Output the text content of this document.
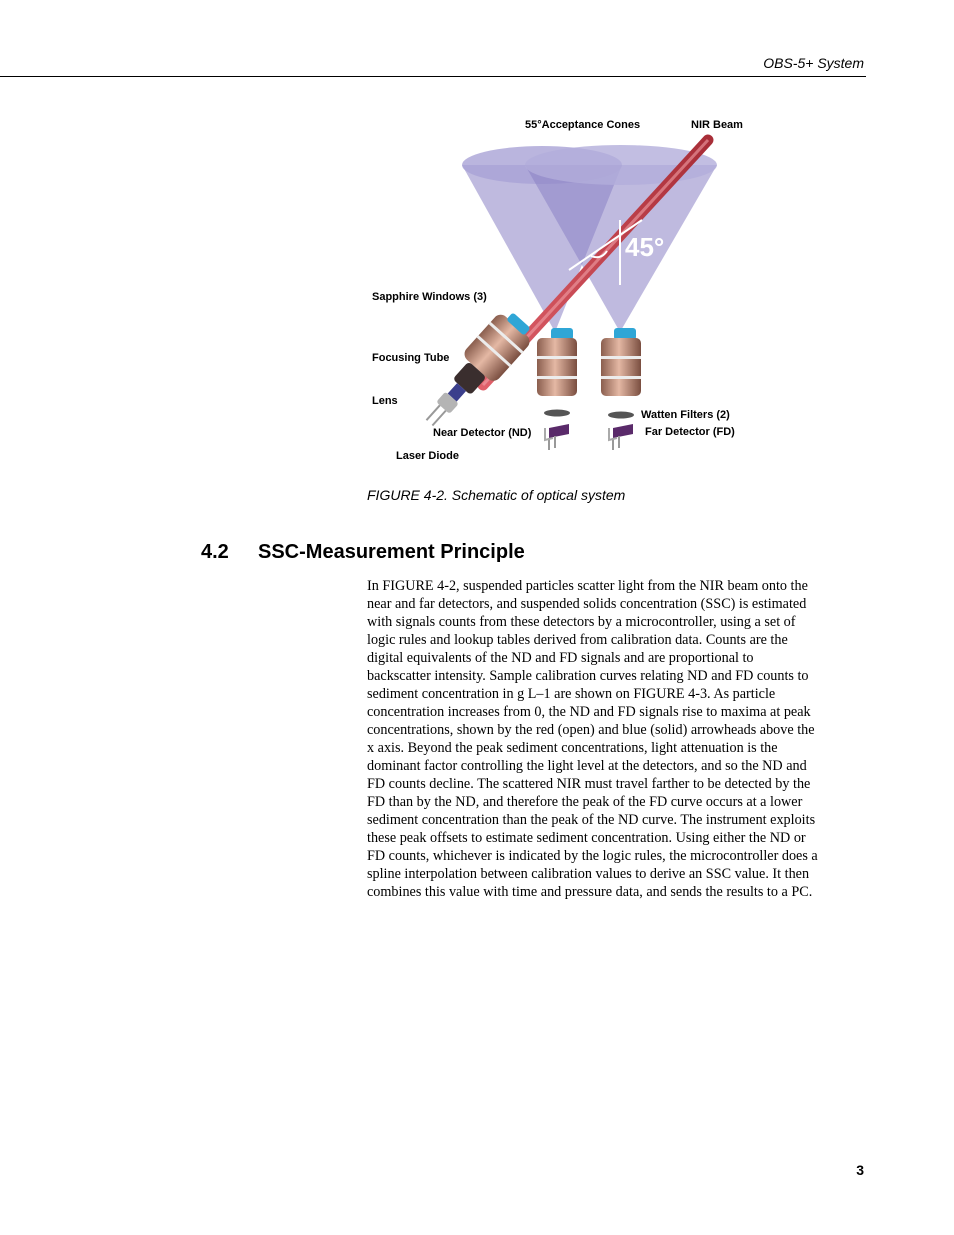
OBS-5+ System
45°
55°Acceptance Cones	NIR Beam
Sapphire Windows (3)
Focusing Tube
Lens
Near Detector (ND)
Laser Diode
Watten Filters (2)
Far Detector (FD)
FIGURE 4-2. Schematic of optical system
4.2 SSC-Measurement Principle
In FIGURE 4-2, suspended particles scatter light from the NIR beam onto the
near and far detectors, and suspended solids concentration (SSC) is estimated
with signals counts from these detectors by a microcontroller, using a set of
logic rules and lookup tables derived from calibration data. Counts are the
digital equivalents of the ND and FD signals and are proportional to
backscatter intensity. Sample calibration curves relating ND and FD counts to
sediment concentration in g L–1 are shown on FIGURE 4-3. As particle
concentration increases from 0, the ND and FD signals rise to maxima at peak
concentrations, shown by the red (open) and blue (solid) arrowheads above the
x axis. Beyond the peak sediment concentrations, light attenuation is the
dominant factor controlling the light level at the detectors, and so the ND and
FD counts decline. The scattered NIR must travel farther to be detected by the
FD than by the ND, and therefore the peak of the FD curve occurs at a lower
sediment concentration than the peak of the ND curve. The instrument exploits
these peak offsets to estimate sediment concentration. Using either the ND or
FD counts, whichever is indicated by the logic rules, the microcontroller does a
spline interpolation between calibration values to derive an SSC value. It then
combines this value with time and pressure data, and sends the results to a PC.
3
